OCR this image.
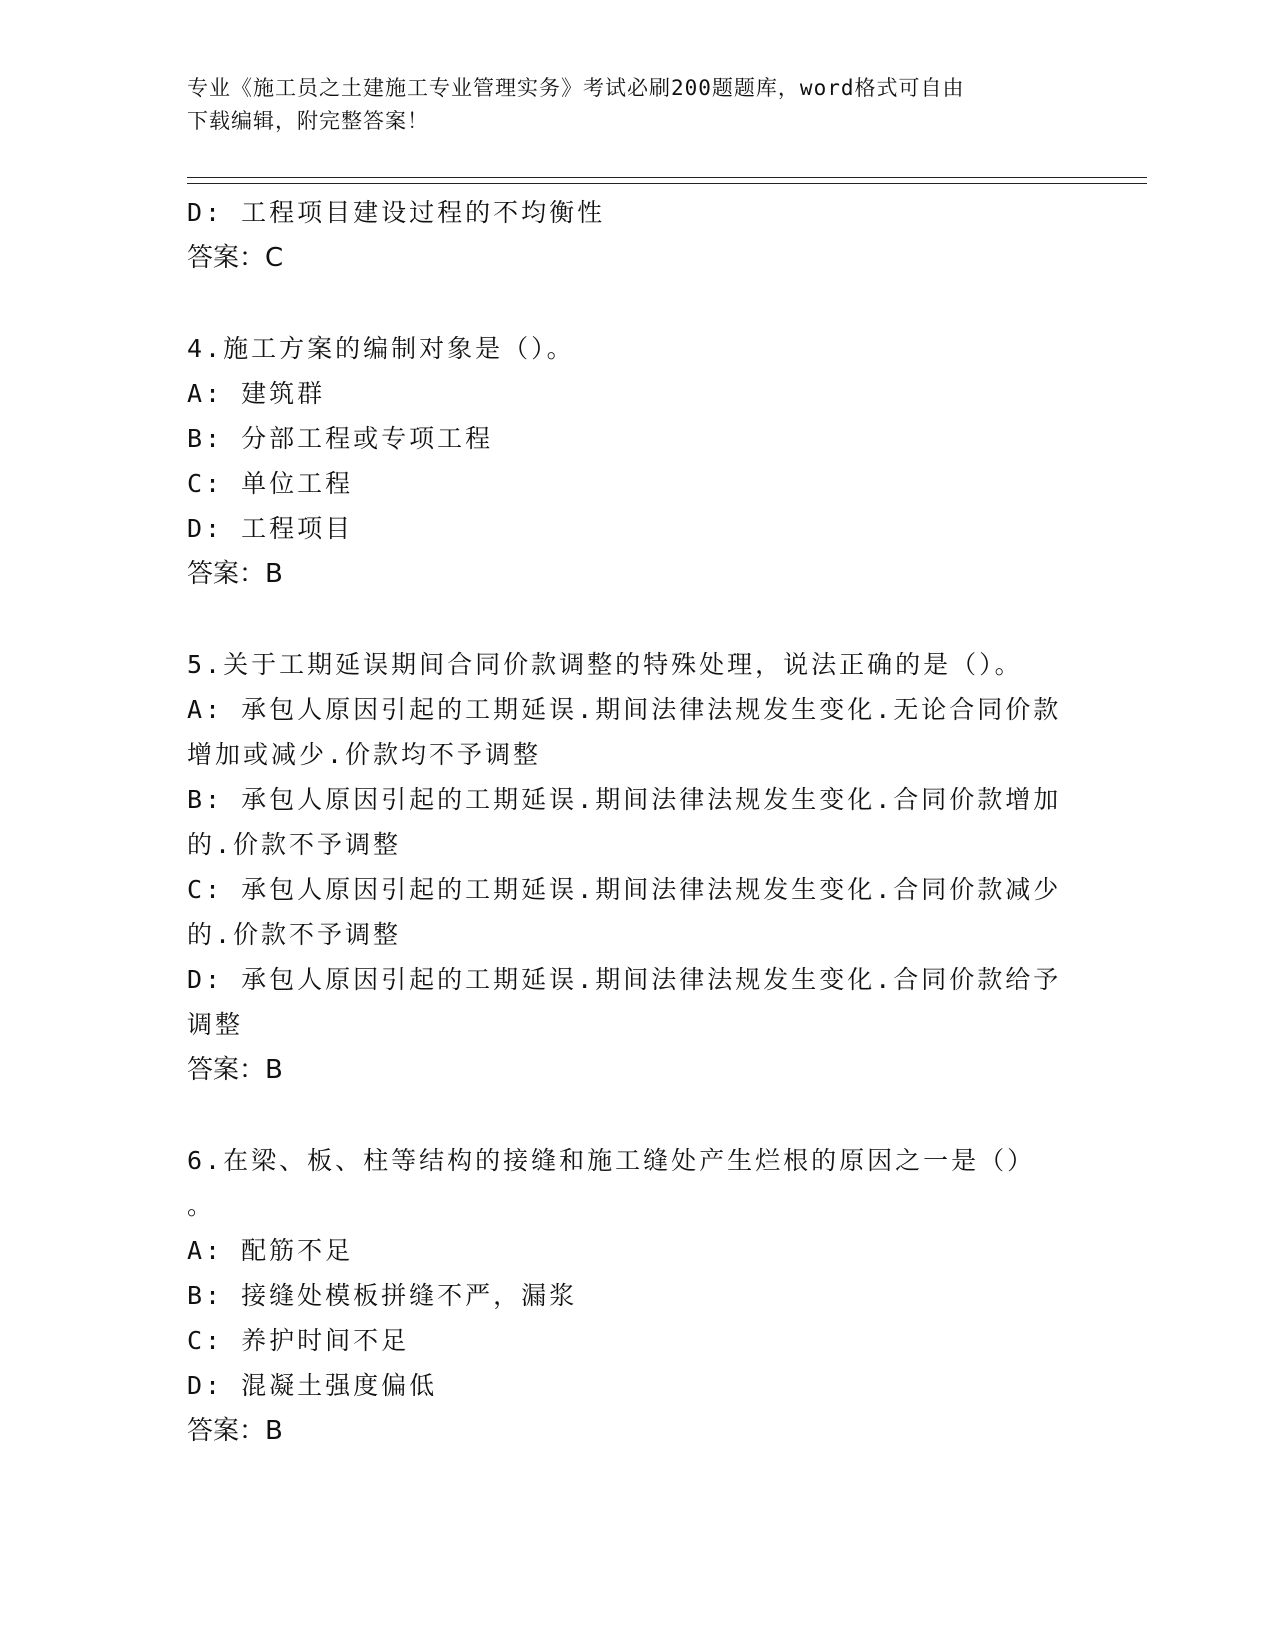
专业《施工员之土建施工专业管理实务》考试必刷200题题库，word格式可自由
下载编辑，附完整答案！
D: 工程项目建设过程的不均衡性
答案：C
4.施工方案的编制对象是（）。
A: 建筑群
B: 分部工程或专项工程
C: 单位工程
D: 工程项目
答案：B
5.关于工期延误期间合同价款调整的特殊处理，说法正确的是（）。
A: 承包人原因引起的工期延误.期间法律法规发生变化.无论合同价款
增加或减少.价款均不予调整
B: 承包人原因引起的工期延误.期间法律法规发生变化.合同价款增加
的.价款不予调整
C: 承包人原因引起的工期延误.期间法律法规发生变化.合同价款减少
的.价款不予调整
D: 承包人原因引起的工期延误.期间法律法规发生变化.合同价款给予
调整
答案：B
6.在梁、板、柱等结构的接缝和施工缝处产生烂根的原因之一是（）
。
A: 配筋不足
B: 接缝处模板拼缝不严，漏浆
C: 养护时间不足
D: 混凝土强度偏低
答案：B
